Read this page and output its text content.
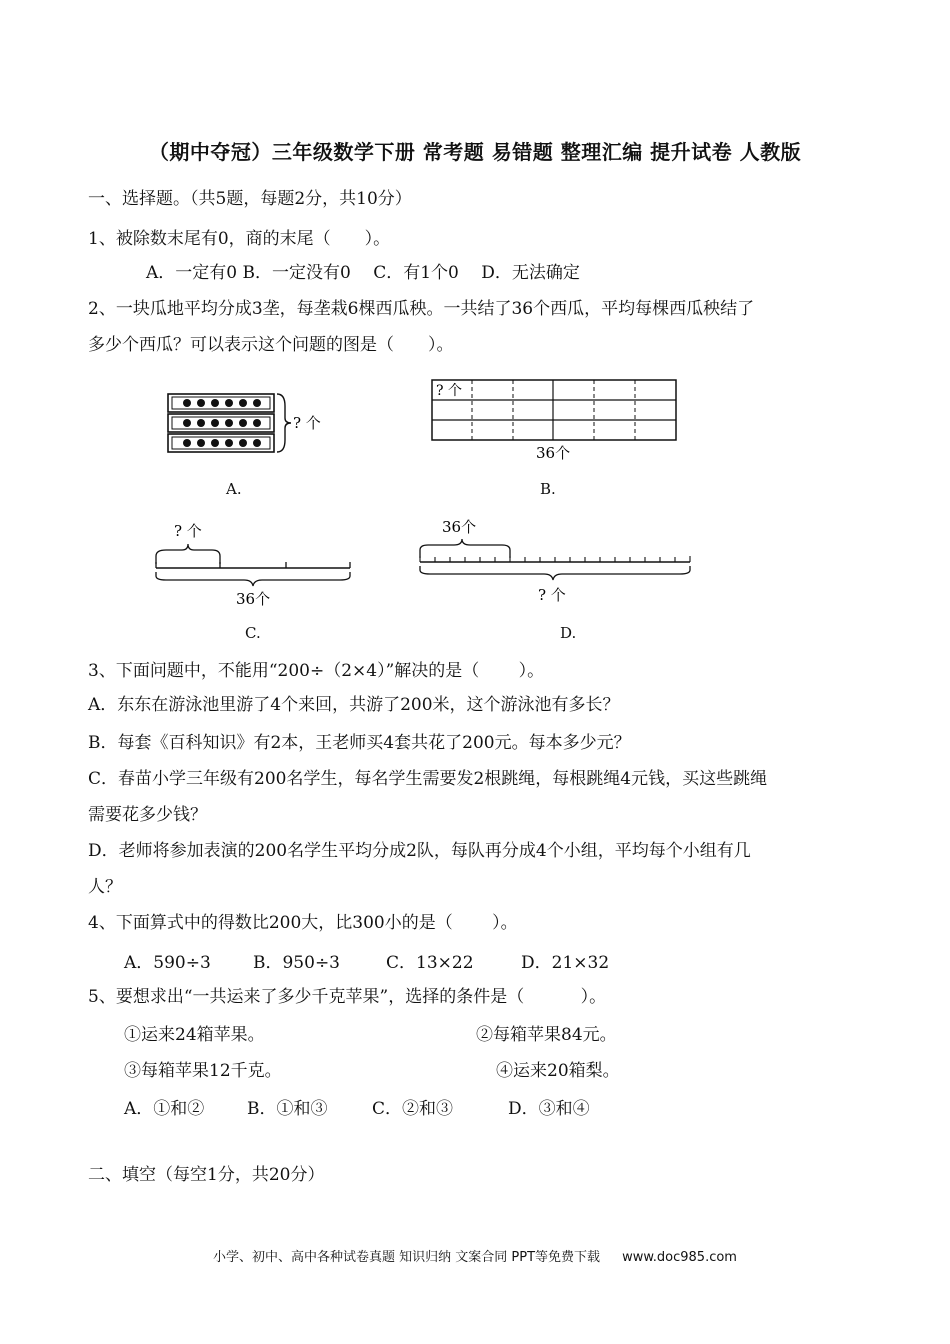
（期中夺冠）三年级数学下册 常考题 易错题 整理汇编 提升试卷 人教版
一、选择题。（共5题，每题2分，共10分）
1、被除数末尾有0，商的末尾（　　）。
A．一定有0 B．一定没有0　 C．有1个0　 D．无法确定
2、一块瓜地平均分成3垄，每垄栽6棵西瓜秧。一共结了36个西瓜，平均每棵西瓜秧结了
多少个西瓜？可以表示这个问题的图是（　　）。
? 个
A.
? 个
36个
B.
? 个
36个
C.
36个
? 个
D.
3、下面问题中，不能用“200÷（2×4）”解决的是（　　 ）。
A．东东在游泳池里游了4个来回，共游了200米，这个游泳池有多长？
B．每套《百科知识》有2本，王老师买4套共花了200元。每本多少元？
C．春苗小学三年级有200名学生，每名学生需要发2根跳绳，每根跳绳4元钱，买这些跳绳
需要花多少钱？
D．老师将参加表演的200名学生平均分成2队，每队再分成4个小组，平均每个小组有几
人？
4、下面算式中的得数比200大，比300小的是（　　 ）。
A．590÷3 B．950÷3	C．13×22	D．21×32
5、要想求出“一共运来了多少千克苹果”，选择的条件是（　　　 ）。
①运来24箱苹果。	②每箱苹果84元。
③每箱苹果12千克。	④运来20箱梨。
A．①和②	B．①和③	C．②和③	D．③和④
二、填空（每空1分，共20分）
小学、初中、高中各种试卷真题 知识归纳 文案合同 PPT等免费下载 www.doc985.com
